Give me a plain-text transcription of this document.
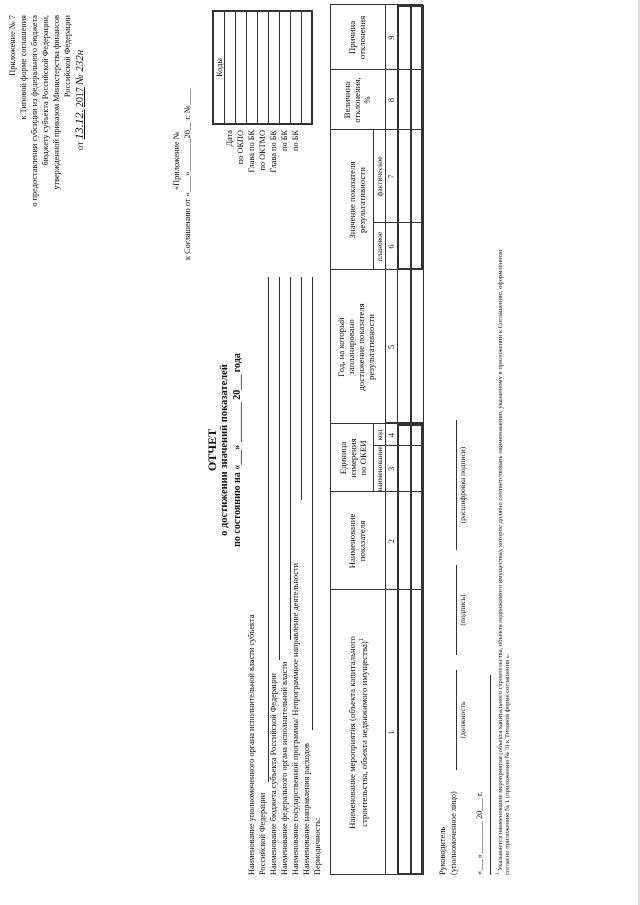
Приложение № 7 к Типовой форме соглашения о предоставлении субсидии из федерального бюджета бюджету субъекта Российской Федерации, утвержденной приказом Министерства финансов Российской Федерации
от 13.12. 2017 № 232н
«Приложение № к Соглашению от «____»________20__ г. №____
ОТЧЕТ о достижении значений показателей по состоянию на «___» ________ 20___ года
Наименование уполномоченного органа исполнительной власти субъекта Российской Федерации Наименование бюджета субъекта Российской Федерации Наименование федерального органа исполнительной власти Наименование государственной программы/ Непрограммное направление деятельности Наименование направления расходов Периодичность:
Дата по ОКПО Глава по БК по ОКТМО Глава по БК по БК по БК
Коды
Наименование мероприятия (объекта капитального строительства, объекта недвижимого имущества)$^1$
Наименование показателя
Единица измерения по ОКЕИ наименование
код
Год, на который запланировано достижение показателя результативности
Значение показателя результативности
плановое
фактическое
Величина отклонения, %
Причина отклонения
1
2
3
4
5
6
7
8
9
Руководитель (уполномоченное лицо)
(должность
(подпись)
(расшифровка подписи)
«___»________ 20___ г.	$^1$ Указывается наименование мероприятия (объекта капитального строительства, объекта недвижимого имущества), которое должно соответствовать наименованию, указанному в приложении к Соглашению, оформленном согласно приложению № 1 (приложению № 3) к Типовой форме соглашения ».
